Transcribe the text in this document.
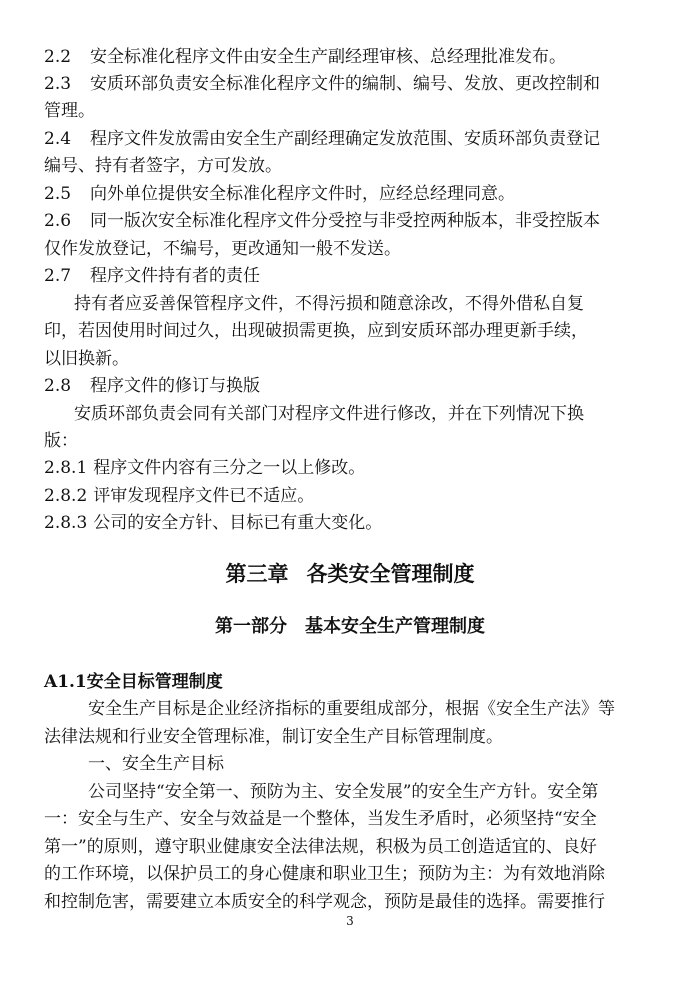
2.2 安全标准化程序文件由安全生产副经理审核、总经理批准发布。
2.3 安质环部负责安全标准化程序文件的编制、编号、发放、更改控制和
管理。
2.4 程序文件发放需由安全生产副经理确定发放范围、安质环部负责登记
编号、持有者签字，方可发放。
2.5 向外单位提供安全标准化程序文件时，应经总经理同意。
2.6 同一版次安全标准化程序文件分受控与非受控两种版本，非受控版本
仅作发放登记，不编号，更改通知一般不发送。
2.7 程序文件持有者的责任
持有者应妥善保管程序文件，不得污损和随意涂改，不得外借私自复
印，若因使用时间过久，出现破损需更换，应到安质环部办理更新手续，
以旧换新。
2.8 程序文件的修订与换版
安质环部负责会同有关部门对程序文件进行修改，并在下列情况下换
版：
2.8.1 程序文件内容有三分之一以上修改。
2.8.2 评审发现程序文件已不适应。
2.8.3 公司的安全方针、目标已有重大变化。
第三章 各类安全管理制度
第一部分 基本安全生产管理制度
A1.1安全目标管理制度
安全生产目标是企业经济指标的重要组成部分，根据《安全生产法》等
法律法规和行业安全管理标准，制订安全生产目标管理制度。
一、安全生产目标
公司坚持“安全第一、预防为主、安全发展”的安全生产方针。安全第
一：安全与生产、安全与效益是一个整体，当发生矛盾时，必须坚持“安全
第一”的原则，遵守职业健康安全法律法规，积极为员工创造适宜的、良好
的工作环境，以保护员工的身心健康和职业卫生；预防为主：为有效地消除
和控制危害，需要建立本质安全的科学观念，预防是最佳的选择。需要推行
3
